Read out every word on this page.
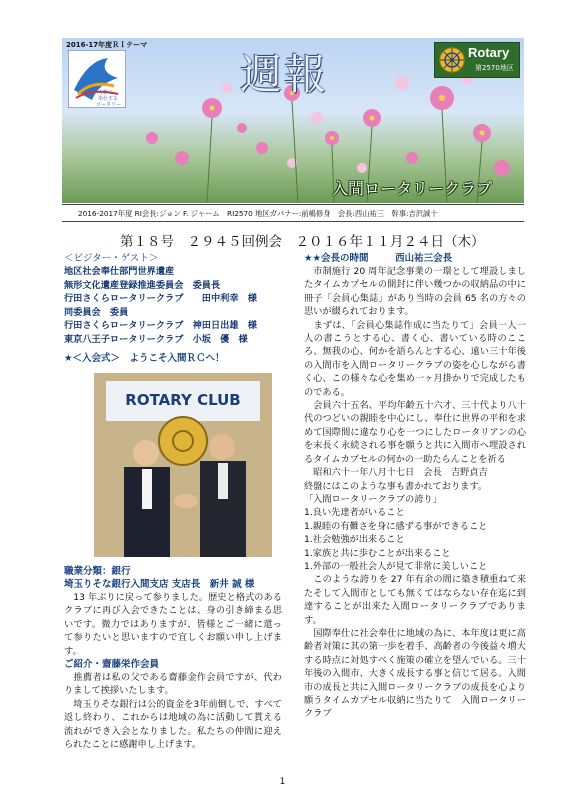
2016-17年度ＲＩテーマ
人類に
奉仕する
ロータリー
週報	Rotary
第2570地区
入間ロータリークラブ
2016-2017年度 RI会長:ジョン F. ジャーム　RI2570 地区ガバナー:前嶋修身　会長:西山祐三　幹事:吉沢誠十
第１８号　２９４５回例会　２０１６年１１月２４日（木）
＜ビジター・ゲスト＞
地区社会奉仕部門世界遺産
無形文化遺産登録推進委員会　委員長
行田さくらロータリークラブ　　田中利幸　様
同委員会　委員
行田さくらロータリークラブ　神田日出雄　様
東京八王子ロータリークラブ　小坂　優　様
★＜入会式＞　ようこそ入間ＲＣへ！
ROTARY CLUB
職業分類：銀行
埼玉りそな銀行入間支店 支店長　新井 誠 様

　13 年ぶりに戻って参りました。歴史と格式のあるクラブに再び入会できたことは、身の引き締まる思いです。微力ではありますが、皆様とご一緒に還って参りたいと思いますので宜しくお願い申し上げます。

ご紹介・齋藤栄作会員

　推薦者は私の父である齋藤金作会員ですが、代わりまして挨拶いたします。

　埼玉りそな銀行は公的資金を3年前倒しで、すべて返し終わり、これからは地域の為に活動して貰える流れができ入会となりました。私たちの仲間に迎えられたことに感謝申し上げます。

★★会長の時間	西山祐三会長

　市制施行 20 周年記念事業の一環として埋設しましたタイムカプセルの開封に伴い幾つかの収納品の中に冊子「会員心集誌」があり当時の会員 65 名の方々の思いが綴られております。

　まずは、「会員心集誌作成に当たりて」会員一人一人の書こうとする心、書く心、書いている時のこころ、無我の心、何かを語らんとする心、遠い三十年後の入間市を入間ロータリークラブの姿を心しながら書く心、この様々な心を集め一ヶ月掛かりで完成したものである。

　会員六十五名、平均年齢五十六才、三十代より八十代のつどいの親睦を中心にし、奉仕に世界の平和を求めて国際間に違なり心を一つにしたロータリアンの心を末長く永続される事を願うと共に入間市へ埋設されるタイムカプセルの何かの一助たらんことを祈る

　昭和六十一年八月十七日　会長　吉野貞吉

終盤にはこのような事も書かれております。

「入間ロータリークラブの誇り」

1.良い先達者がいること

1.親睦の有難さを身に感ずる事ができること

1.社会勉強が出来ること

1.家族と共に歩むことが出来ること

1.外部の一般社会人が見て非常に美しいこと

　このような誇りを 27 年有余の間に築き積重ねて来たそして入間市としても無くてはならない存在迄に到達することが出来た入間ロータリークラブであります。

　国際奉仕に社会奉仕に地域の為に、本年度は更に高齢者対策に其の第一歩を着手、高齢者の今後益々増大する時点に対処すべく施策の確立を望んでいる。三十年後の入間市、大きく成長する事と信じて居る。入間市の成長と共に入間ロータリークラブの成長を心より願うタイムカプセル収納に当たりて　入間ロータリークラブ

1
